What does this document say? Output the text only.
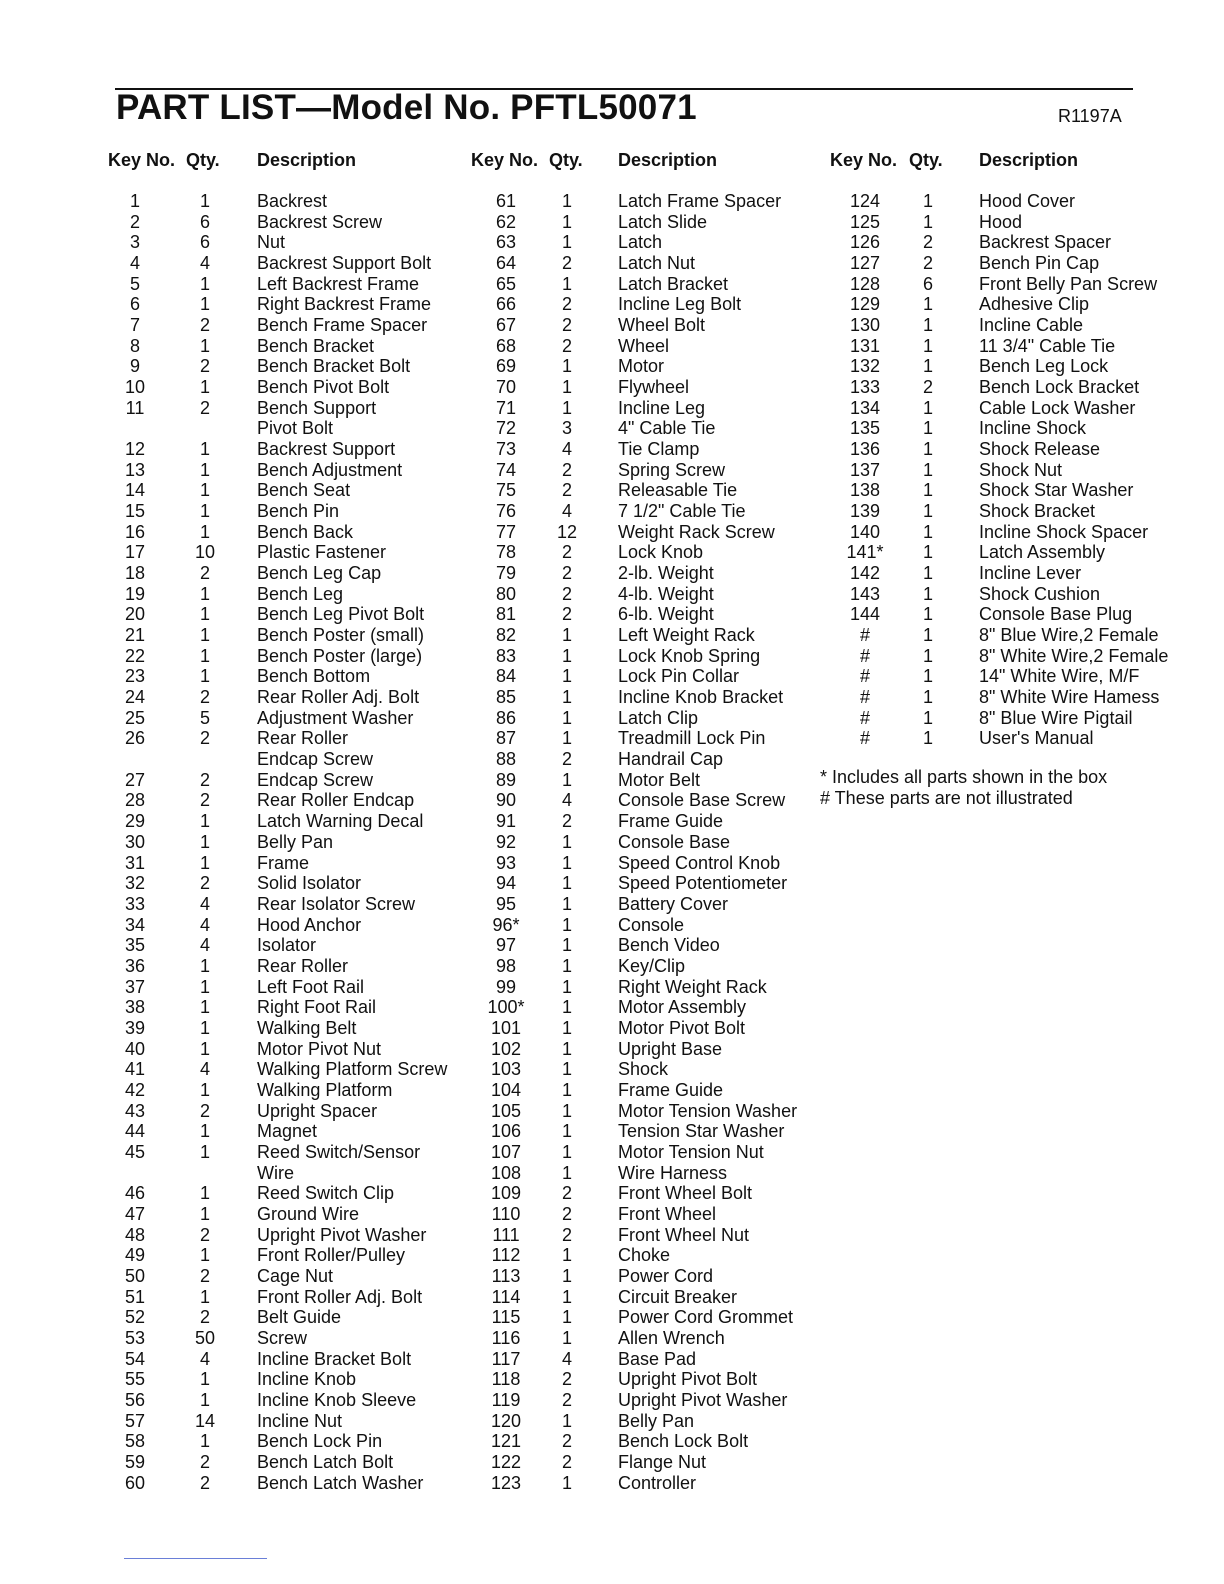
PART LIST—Model No. PFTL50071	R1197A
Key No. Qty. Description	Key No. Qty. Description	Key No. Qty. Description
1	1	Backrest
2	6	Backrest Screw
3	6	Nut
4	4	Backrest Support Bolt
5	1	Left Backrest Frame
6	1	Right Backrest Frame
7	2	Bench Frame Spacer
8	1	Bench Bracket
9	2	Bench Bracket Bolt
10	1	Bench Pivot Bolt
11	2	Bench Support
Pivot Bolt
12	1	Backrest Support
13	1	Bench Adjustment
14	1	Bench Seat
15	1	Bench Pin
16	1	Bench Back
17	10	Plastic Fastener
18	2	Bench Leg Cap
19	1	Bench Leg
20	1	Bench Leg Pivot Bolt
21	1	Bench Poster (small)
22	1	Bench Poster (large)
23	1	Bench Bottom
24	2	Rear Roller Adj. Bolt
25	5	Adjustment Washer
26	2	Rear Roller
Endcap Screw
27	2	Endcap Screw
28	2	Rear Roller Endcap
29	1	Latch Warning Decal
30	1	Belly Pan
31	1	Frame
32	2	Solid Isolator
33	4	Rear Isolator Screw
34	4	Hood Anchor
35	4	Isolator
36	1	Rear Roller
37	1	Left Foot Rail
38	1	Right Foot Rail
39	1	Walking Belt
40	1	Motor Pivot Nut
41	4	Walking Platform Screw
42	1	Walking Platform
43	2	Upright Spacer
44	1	Magnet
45	1	Reed Switch/Sensor
Wire
46	1	Reed Switch Clip
47	1	Ground Wire
48	2	Upright Pivot Washer
49	1	Front Roller/Pulley
50	2	Cage Nut
51	1	Front Roller Adj. Bolt
52	2	Belt Guide
53	50	Screw
54	4	Incline Bracket Bolt
55	1	Incline Knob
56	1	Incline Knob Sleeve
57	14	Incline Nut
58	1	Bench Lock Pin
59	2	Bench Latch Bolt
60	2	Bench Latch Washer
61	1	Latch Frame Spacer
62	1	Latch Slide
63	1	Latch
64	2	Latch Nut
65	1	Latch Bracket
66	2	Incline Leg Bolt
67	2	Wheel Bolt
68	2	Wheel
69	1	Motor
70	1	Flywheel
71	1	Incline Leg
72	3	4" Cable Tie
73	4	Tie Clamp
74	2	Spring Screw
75	2	Releasable Tie
76	4	7 1/2" Cable Tie
77	12	Weight Rack Screw
78	2	Lock Knob
79	2	2-lb. Weight
80	2	4-lb. Weight
81	2	6-lb. Weight
82	1	Left Weight Rack
83	1	Lock Knob Spring
84	1	Lock Pin Collar
85	1	Incline Knob Bracket
86	1	Latch Clip
87	1	Treadmill Lock Pin
88	2	Handrail Cap
89	1	Motor Belt
90	4	Console Base Screw
91	2	Frame Guide
92	1	Console Base
93	1	Speed Control Knob
94	1	Speed Potentiometer
95	1	Battery Cover
96*	1	Console
97	1	Bench Video
98	1	Key/Clip
99	1	Right Weight Rack
100*	1	Motor Assembly
101	1	Motor Pivot Bolt
102	1	Upright Base
103	1	Shock
104	1	Frame Guide
105	1	Motor Tension Washer
106	1	Tension Star Washer
107	1	Motor Tension Nut
108	1	Wire Harness
109	2	Front Wheel Bolt
110	2	Front Wheel
111	2	Front Wheel Nut
112	1	Choke
113	1	Power Cord
114	1	Circuit Breaker
115	1	Power Cord Grommet
116	1	Allen Wrench
117	4	Base Pad
118	2	Upright Pivot Bolt
119	2	Upright Pivot Washer
120	1	Belly Pan
121	2	Bench Lock Bolt
122	2	Flange Nut
123	1	Controller
124	1	Hood Cover
125	1	Hood
126	2	Backrest Spacer
127	2	Bench Pin Cap
128	6	Front Belly Pan Screw
129	1	Adhesive Clip
130	1	Incline Cable
131	1	11 3/4" Cable Tie
132	1	Bench Leg Lock
133	2	Bench Lock Bracket
134	1	Cable Lock Washer
135	1	Incline Shock
136	1	Shock Release
137	1	Shock Nut
138	1	Shock Star Washer
139	1	Shock Bracket
140	1	Incline Shock Spacer
141*	1	Latch Assembly
142	1	Incline Lever
143	1	Shock Cushion
144	1	Console Base Plug
#	1	8" Blue Wire,2 Female
#	1	8" White Wire,2 Female
#	1	14" White Wire, M/F
#	1	8" White Wire Hamess
#	1	8" Blue Wire Pigtail
#	1	User's Manual
* Includes all parts shown in the box
# These parts are not illustrated
